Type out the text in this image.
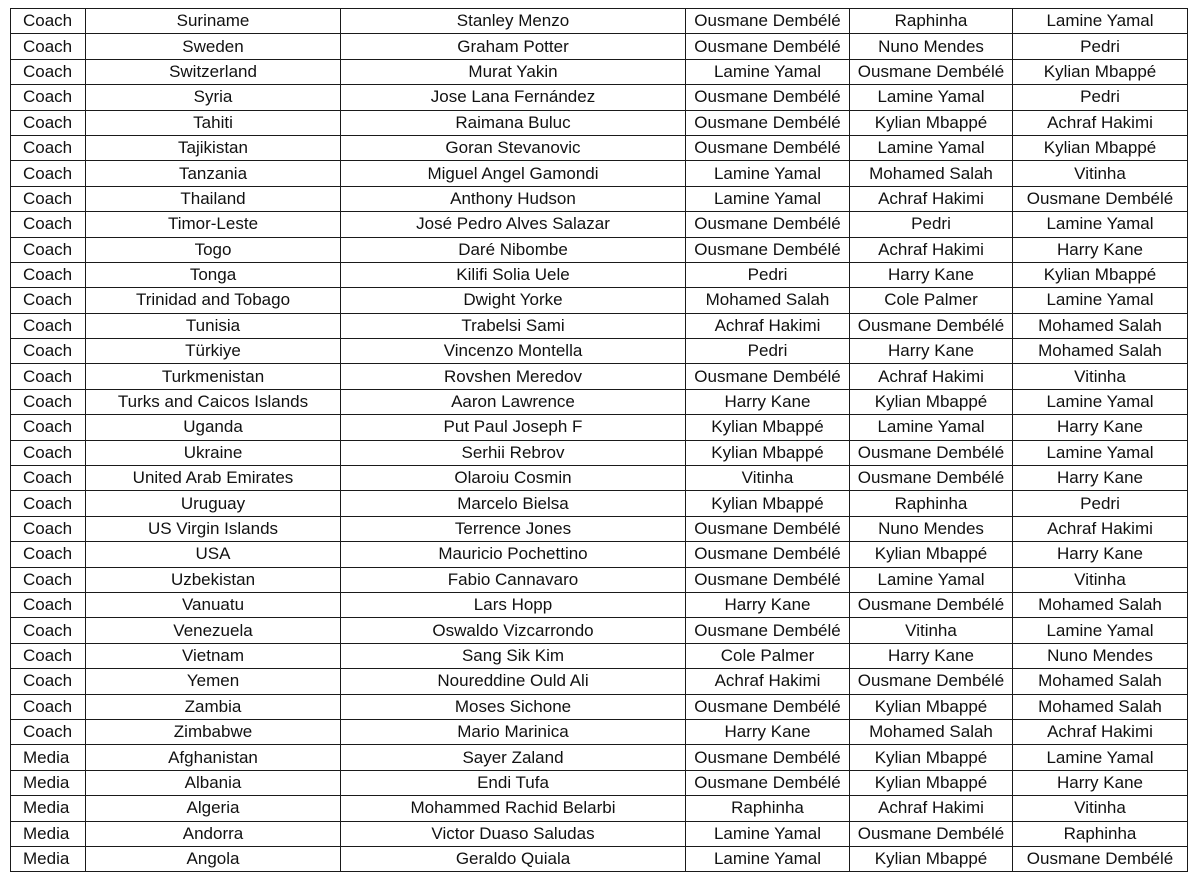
Coach	Suriname	Stanley Menzo	Ousmane Dembélé	Raphinha	Lamine Yamal
Coach	Sweden	Graham Potter	Ousmane Dembélé	Nuno Mendes	Pedri
Coach	Switzerland	Murat Yakin	Lamine Yamal	Ousmane Dembélé	Kylian Mbappé
Coach	Syria	Jose Lana Fernández	Ousmane Dembélé	Lamine Yamal	Pedri
Coach	Tahiti	Raimana Buluc	Ousmane Dembélé	Kylian Mbappé	Achraf Hakimi
Coach	Tajikistan	Goran Stevanovic	Ousmane Dembélé	Lamine Yamal	Kylian Mbappé
Coach	Tanzania	Miguel Angel Gamondi	Lamine Yamal	Mohamed Salah	Vitinha
Coach	Thailand	Anthony Hudson	Lamine Yamal	Achraf Hakimi	Ousmane Dembélé
Coach	Timor-Leste	José Pedro Alves Salazar	Ousmane Dembélé	Pedri	Lamine Yamal
Coach	Togo	Daré Nibombe	Ousmane Dembélé	Achraf Hakimi	Harry Kane
Coach	Tonga	Kilifi Solia Uele	Pedri	Harry Kane	Kylian Mbappé
Coach	Trinidad and Tobago	Dwight Yorke	Mohamed Salah	Cole Palmer	Lamine Yamal
Coach	Tunisia	Trabelsi Sami	Achraf Hakimi	Ousmane Dembélé	Mohamed Salah
Coach	Türkiye	Vincenzo Montella	Pedri	Harry Kane	Mohamed Salah
Coach	Turkmenistan	Rovshen Meredov	Ousmane Dembélé	Achraf Hakimi	Vitinha
Coach	Turks and Caicos Islands	Aaron Lawrence	Harry Kane	Kylian Mbappé	Lamine Yamal
Coach	Uganda	Put Paul Joseph F	Kylian Mbappé	Lamine Yamal	Harry Kane
Coach	Ukraine	Serhii Rebrov	Kylian Mbappé	Ousmane Dembélé	Lamine Yamal
Coach	United Arab Emirates	Olaroiu Cosmin	Vitinha	Ousmane Dembélé	Harry Kane
Coach	Uruguay	Marcelo Bielsa	Kylian Mbappé	Raphinha	Pedri
Coach	US Virgin Islands	Terrence Jones	Ousmane Dembélé	Nuno Mendes	Achraf Hakimi
Coach	USA	Mauricio Pochettino	Ousmane Dembélé	Kylian Mbappé	Harry Kane
Coach	Uzbekistan	Fabio Cannavaro	Ousmane Dembélé	Lamine Yamal	Vitinha
Coach	Vanuatu	Lars Hopp	Harry Kane	Ousmane Dembélé	Mohamed Salah
Coach	Venezuela	Oswaldo Vizcarrondo	Ousmane Dembélé	Vitinha	Lamine Yamal
Coach	Vietnam	Sang Sik Kim	Cole Palmer	Harry Kane	Nuno Mendes
Coach	Yemen	Noureddine Ould Ali	Achraf Hakimi	Ousmane Dembélé	Mohamed Salah
Coach	Zambia	Moses Sichone	Ousmane Dembélé	Kylian Mbappé	Mohamed Salah
Coach	Zimbabwe	Mario Marinica	Harry Kane	Mohamed Salah	Achraf Hakimi
Media	Afghanistan	Sayer Zaland	Ousmane Dembélé	Kylian Mbappé	Lamine Yamal
Media	Albania	Endi Tufa	Ousmane Dembélé	Kylian Mbappé	Harry Kane
Media	Algeria	Mohammed Rachid Belarbi	Raphinha	Achraf Hakimi	Vitinha
Media	Andorra	Victor Duaso Saludas	Lamine Yamal	Ousmane Dembélé	Raphinha
Media	Angola	Geraldo Quiala	Lamine Yamal	Kylian Mbappé	Ousmane Dembélé
